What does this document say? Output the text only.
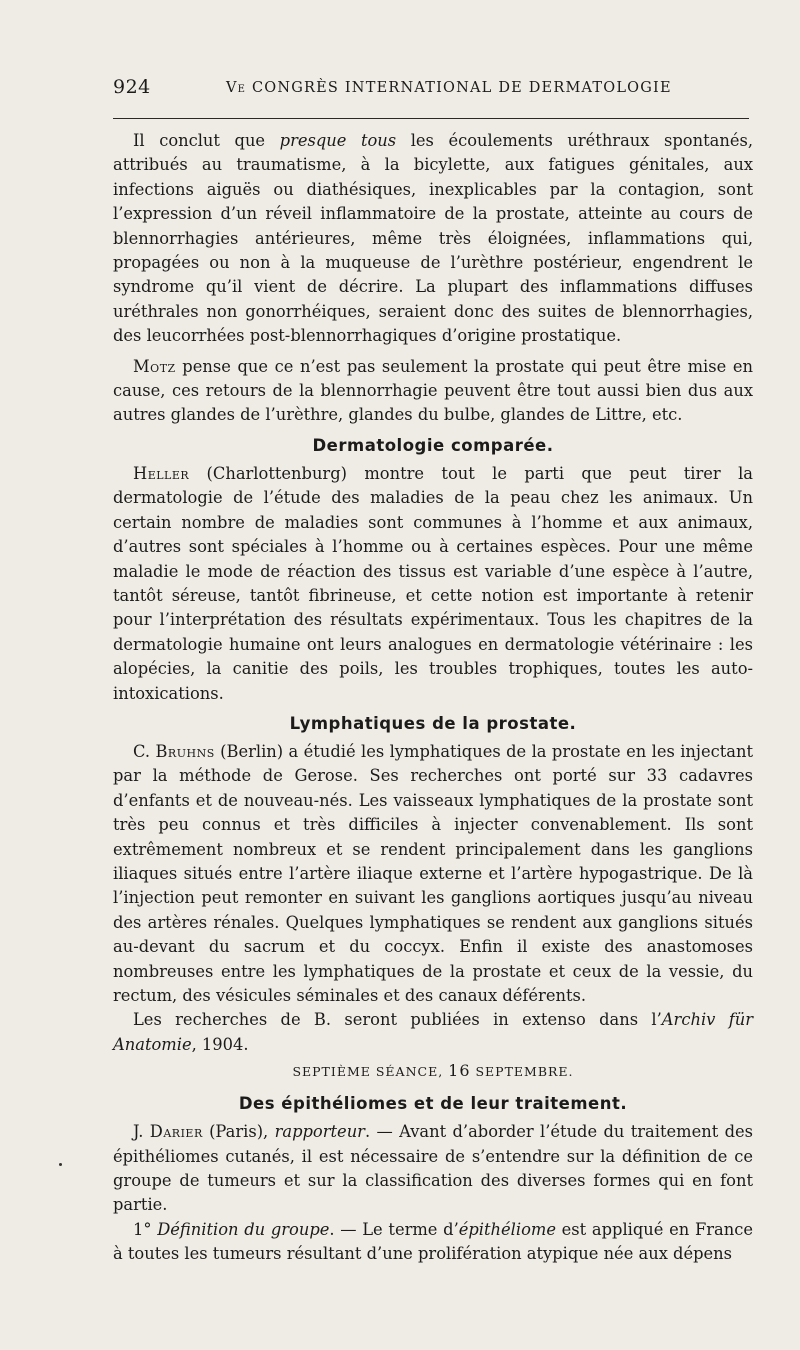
924	Ve CONGRÈS INTERNATIONAL DE DERMATOLOGIE

Il conclut que presque tous les écoulements uréthraux spontanés, attribués au traumatisme, à la bicylette, aux fatigues génitales, aux infections aiguës ou diathésiques, inexplicables par la contagion, sont l’expression d’un réveil inflammatoire de la prostate, atteinte au cours de blennorrhagies antérieures, même très éloignées, inflammations qui, propagées ou non à la muqueuse de l’urèthre postérieur, engendrent le syndrome qu’il vient de décrire. La plupart des inflammations diffuses uréthrales non gonorrhéiques, seraient donc des suites de blennorrhagies, des leucorrhées post-blennorrhagiques d’origine prostatique.

Motz pense que ce n’est pas seulement la prostate qui peut être mise en cause, ces retours de la blennorrhagie peuvent être tout aussi bien dus aux autres glandes de l’urèthre, glandes du bulbe, glandes de Littre, etc.

Dermatologie comparée.

Heller (Charlottenburg) montre tout le parti que peut tirer la dermatologie de l’étude des maladies de la peau chez les animaux. Un certain nombre de maladies sont communes à l’homme et aux animaux, d’autres sont spéciales à l’homme ou à certaines espèces. Pour une même maladie le mode de réaction des tissus est variable d’une espèce à l’autre, tantôt séreuse, tantôt fibrineuse, et cette notion est importante à retenir pour l’interprétation des résultats expérimentaux. Tous les chapitres de la dermatologie humaine ont leurs analogues en dermatologie vétérinaire : les alopécies, la canitie des poils, les troubles trophiques, toutes les auto-intoxications.

Lymphatiques de la prostate.

C. Bruhns (Berlin) a étudié les lymphatiques de la prostate en les injectant par la méthode de Gerose. Ses recherches ont porté sur 33 cadavres d’enfants et de nouveau-nés. Les vaisseaux lymphatiques de la prostate sont très peu connus et très difficiles à injecter convenablement. Ils sont extrêmement nombreux et se rendent principalement dans les ganglions iliaques situés entre l’artère iliaque externe et l’artère hypogastrique. De là l’injection peut remonter en suivant les ganglions aortiques jusqu’au niveau des artères rénales. Quelques lymphatiques se rendent aux ganglions situés au-devant du sacrum et du coccyx. Enfin il existe des anastomoses nombreuses entre les lymphatiques de la prostate et ceux de la vessie, du rectum, des vésicules séminales et des canaux déférents.

Les recherches de B. seront publiées in extenso dans l’Archiv für Anatomie, 1904.

SEPTIÈME SÉANCE, 16 SEPTEMBRE.
Des épithéliomes et de leur traitement.

J. Darier (Paris), rapporteur. — Avant d’aborder l’étude du traitement des épithéliomes cutanés, il est nécessaire de s’entendre sur la définition de ce groupe de tumeurs et sur la classification des diverses formes qui en font partie.

1° Définition du groupe. — Le terme d’épithéliome est appliqué en France à toutes les tumeurs résultant d’une prolifération atypique née aux dépens
